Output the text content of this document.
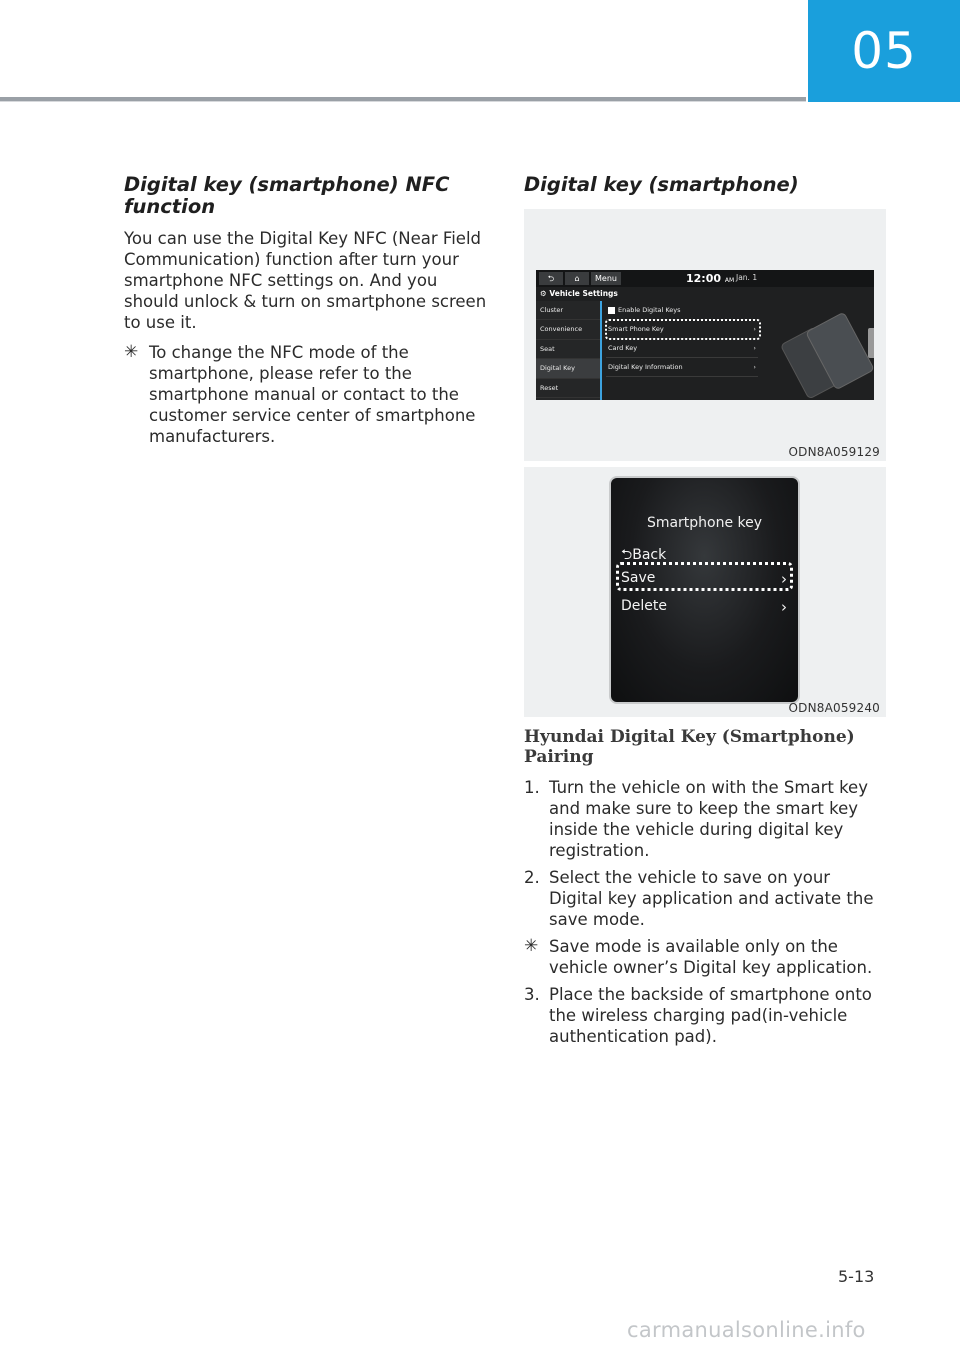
05
Digital key (smartphone) NFC function

You can use the Digital Key NFC (Near Field Communication) function after turn your smartphone NFC settings on. And you should unlock & turn on smartphone screen to use it.

✳ To change the NFC mode of the smartphone, please refer to the smartphone manual or contact to the customer service center of smartphone manufacturers.
Digital key (smartphone)
⮌	⌂	Menu	12:00 AM Jan. 1
⚙ Vehicle Settings
Cluster
Convenience
Seat
Digital Key
Reset
Enable Digital Keys
Smart Phone Key	›
Card Key	›
Digital Key Information	›
ODN8A059129
Smartphone key
⮌Back
Save	›
Delete	›
ODN8A059240
Hyundai Digital Key (Smartphone) Pairing
1. Turn the vehicle on with the Smart key and make sure to keep the smart key inside the vehicle during digital key registration.
2. Select the vehicle to save on your Digital key application and activate the save mode.
✳ Save mode is available only on the vehicle owner’s Digital key application.
3. Place the backside of smartphone onto the wireless charging pad(in-vehicle authentication pad).
5-13
carmanualsonline.info
